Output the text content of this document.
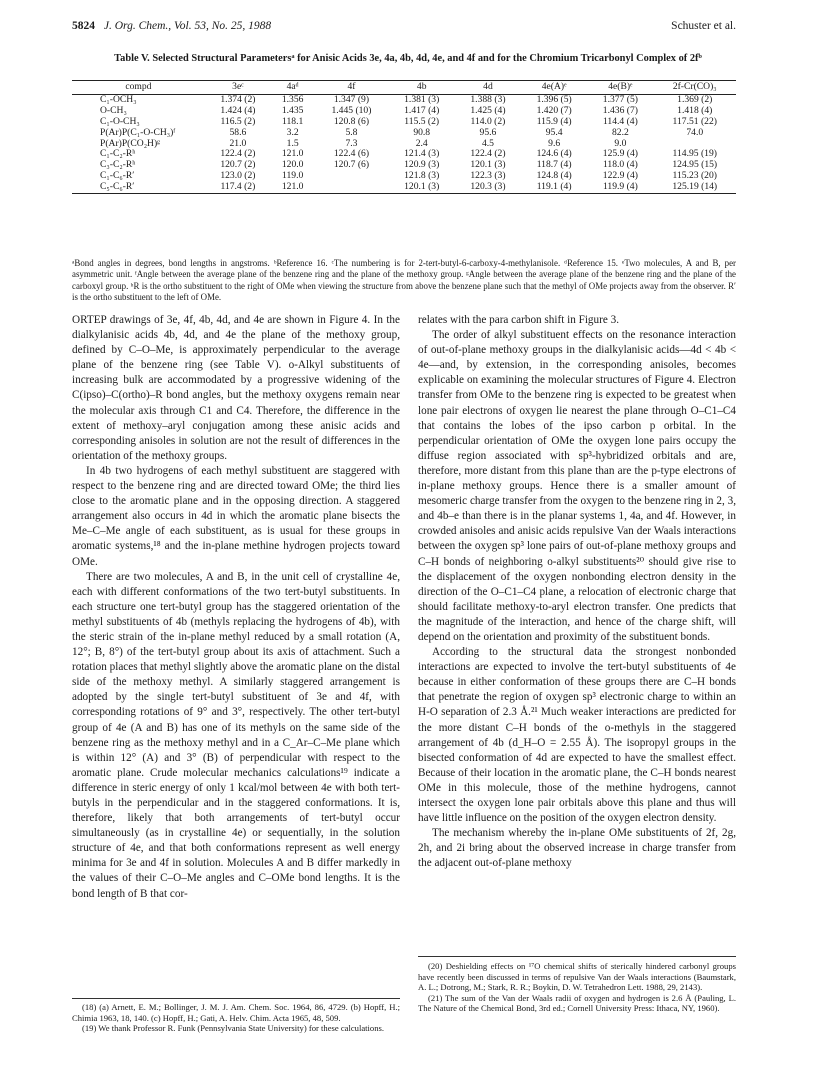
5824 J. Org. Chem., Vol. 53, No. 25, 1988	Schuster et al.
Table V. Selected Structural Parametersᵃ for Anisic Acids 3e, 4a, 4b, 4d, 4e, and 4f and for the Chromium Tricarbonyl Complex of 2fᵇ
compd	3eᶜ	4aᵈ	4f	4b	4d	4e(A)ᵉ	4e(B)ᵉ	2f-Cr(CO)₃
C₁-OCH₃	1.374 (2)	1.356	1.347 (9)	1.381 (3)	1.388 (3)	1.396 (5)	1.377 (5)	1.369 (2)
O-CH₃	1.424 (4)	1.435	1.445 (10)	1.417 (4)	1.425 (4)	1.420 (7)	1.436 (7)	1.418 (4)
C₁-O-CH₃	116.5 (2)	118.1	120.8 (6)	115.5 (2)	114.0 (2)	115.9 (4)	114.4 (4)	117.51 (22)
P(Ar)P(C₁-O-CH₃)ᶠ	58.6	3.2	5.8	90.8	95.6	95.4	82.2	74.0
P(Ar)P(CO₂H)ᵍ	21.0	1.5	7.3	2.4	4.5	9.6	9.0	
C₁-C₂-Rʰ	122.4 (2)	121.0	122.4 (6)	121.4 (3)	122.4 (2)	124.6 (4)	125.9 (4)	114.95 (19)
C₃-C₂-Rʰ	120.7 (2)	120.0	120.7 (6)	120.9 (3)	120.1 (3)	118.7 (4)	118.0 (4)	124.95 (15)
C₁-C₆-R′	123.0 (2)	119.0		121.8 (3)	122.3 (3)	124.8 (4)	122.9 (4)	115.23 (20)
C₅-C₆-R′	117.4 (2)	121.0		120.1 (3)	120.3 (3)	119.1 (4)	119.9 (4)	125.19 (14)
ᵃBond angles in degrees, bond lengths in angstroms. ᵇReference 16. ᶜThe numbering is for 2-tert-butyl-6-carboxy-4-methylanisole. ᵈReference 15. ᵉTwo molecules, A and B, per asymmetric unit. ᶠAngle between the average plane of the benzene ring and the plane of the methoxy group. ᵍAngle between the average plane of the benzene ring and the plane of the carboxyl group. ʰR is the ortho substituent to the right of OMe when viewing the structure from above the benzene plane such that the methyl of OMe projects away from the observer. R′ is the ortho substituent to the left of OMe.

ORTEP drawings of 3e, 4f, 4b, 4d, and 4e are shown in Figure 4. In the dialkylanisic acids 4b, 4d, and 4e the plane of the methoxy group, defined by C–O–Me, is approximately perpendicular to the average plane of the benzene ring (see Table V). o-Alkyl substituents of increasing bulk are accommodated by a progressive widening of the C(ipso)–C(ortho)–R bond angles, but the methoxy oxygens remain near the molecular axis through C1 and C4. Therefore, the difference in the extent of methoxy–aryl conjugation among these anisic acids and corresponding anisoles in solution are not the result of differences in the orientation of the methoxy groups.

In 4b two hydrogens of each methyl substituent are staggered with respect to the benzene ring and are directed toward OMe; the third lies close to the aromatic plane and in the opposing direction. A staggered arrangement also occurs in 4d in which the aromatic plane bisects the Me–C–Me angle of each substituent, as is usual for these groups in aromatic systems,¹⁸ and the in-plane methine hydrogen projects toward OMe.

There are two molecules, A and B, in the unit cell of crystalline 4e, each with different conformations of the two tert-butyl substituents. In each structure one tert-butyl group has the staggered orientation of the methyl substituents of 4b (methyls replacing the hydrogens of 4b), with the steric strain of the in-plane methyl reduced by a small rotation (A, 12°; B, 8°) of the tert-butyl group about its axis of attachment. Such a rotation places that methyl slightly above the aromatic plane on the distal side of the methoxy methyl. A similarly staggered arrangement is adopted by the single tert-butyl substituent of 3e and 4f, with corresponding rotations of 9° and 3°, respectively. The other tert-butyl group of 4e (A and B) has one of its methyls on the same side of the benzene ring as the methoxy methyl and in a C_Ar–C–Me plane which is within 12° (A) and 3° (B) of perpendicular with respect to the aromatic plane. Crude molecular mechanics calculations¹⁹ indicate a difference in steric energy of only 1 kcal/mol between 4e with both tert-butyls in the perpendicular and in the staggered conformations. It is, therefore, likely that both arrangements of tert-butyl occur simultaneously (as in crystalline 4e) or sequentially, in the solution structure of 4e, and that both conformations represent as well energy minima for 3e and 4f in solution. Molecules A and B differ markedly in the values of their C–O–Me angles and C–OMe bond lengths. It is the bond length of B that cor-

relates with the para carbon shift in Figure 3.

The order of alkyl substituent effects on the resonance interaction of out-of-plane methoxy groups in the dialkylanisic acids—4d < 4b < 4e—and, by extension, in the corresponding anisoles, becomes explicable on examining the molecular structures of Figure 4. Electron transfer from OMe to the benzene ring is expected to be greatest when lone pair electrons of oxygen lie nearest the plane through O–C1–C4 that contains the lobes of the ipso carbon p orbital. In the perpendicular orientation of OMe the oxygen lone pairs occupy the diffuse region associated with sp³-hybridized orbitals and are, therefore, more distant from this plane than are the p-type electrons of in-plane methoxy groups. Hence there is a smaller amount of mesomeric charge transfer from the oxygen to the benzene ring in 2, 3, and 4b–e than there is in the planar systems 1, 4a, and 4f. However, in crowded anisoles and anisic acids repulsive Van der Waals interactions between the oxygen sp³ lone pairs of out-of-plane methoxy groups and C–H bonds of neighboring o-alkyl substituents²⁰ should give rise to the displacement of the oxygen nonbonding electron density in the direction of the O–C1–C4 plane, a relocation of electronic charge that should facilitate methoxy-to-aryl electron transfer. One predicts that the magnitude of the interaction, and hence of the charge shift, will depend on the orientation and proximity of the substituent bonds.

According to the structural data the strongest nonbonded interactions are expected to involve the tert-butyl substituents of 4e because in either conformation of these groups there are C–H bonds that penetrate the region of oxygen sp³ electronic charge to within an H-O separation of 2.3 Å.²¹ Much weaker interactions are predicted for the more distant C–H bonds of the o-methyls in the staggered arrangement of 4b (d_H–O = 2.55 Å). The isopropyl groups in the bisected conformation of 4d are expected to have the smallest effect. Because of their location in the aromatic plane, the C–H bonds nearest OMe in this molecule, those of the methine hydrogens, cannot intersect the oxygen lone pair orbitals above this plane and thus will have little influence on the position of the oxygen electron density.

The mechanism whereby the in-plane OMe substituents of 2f, 2g, 2h, and 2i bring about the observed increase in charge transfer from the adjacent out-of-plane methoxy

(18) (a) Arnett, E. M.; Bollinger, J. M. J. Am. Chem. Soc. 1964, 86, 4729. (b) Hopff, H.; Chimia 1963, 18, 140. (c) Hopff, H.; Gati, A. Helv. Chim. Acta 1965, 48, 509.
(19) We thank Professor R. Funk (Pennsylvania State University) for these calculations.
(20) Deshielding effects on ¹⁷O chemical shifts of sterically hindered carbonyl groups have recently been discussed in terms of repulsive Van der Waals interactions (Baumstark, A. L.; Dotrong, M.; Stark, R. R.; Boykin, D. W. Tetrahedron Lett. 1988, 29, 2143).
(21) The sum of the Van der Waals radii of oxygen and hydrogen is 2.6 Å (Pauling, L. The Nature of the Chemical Bond, 3rd ed.; Cornell University Press: Ithaca, NY, 1960).
